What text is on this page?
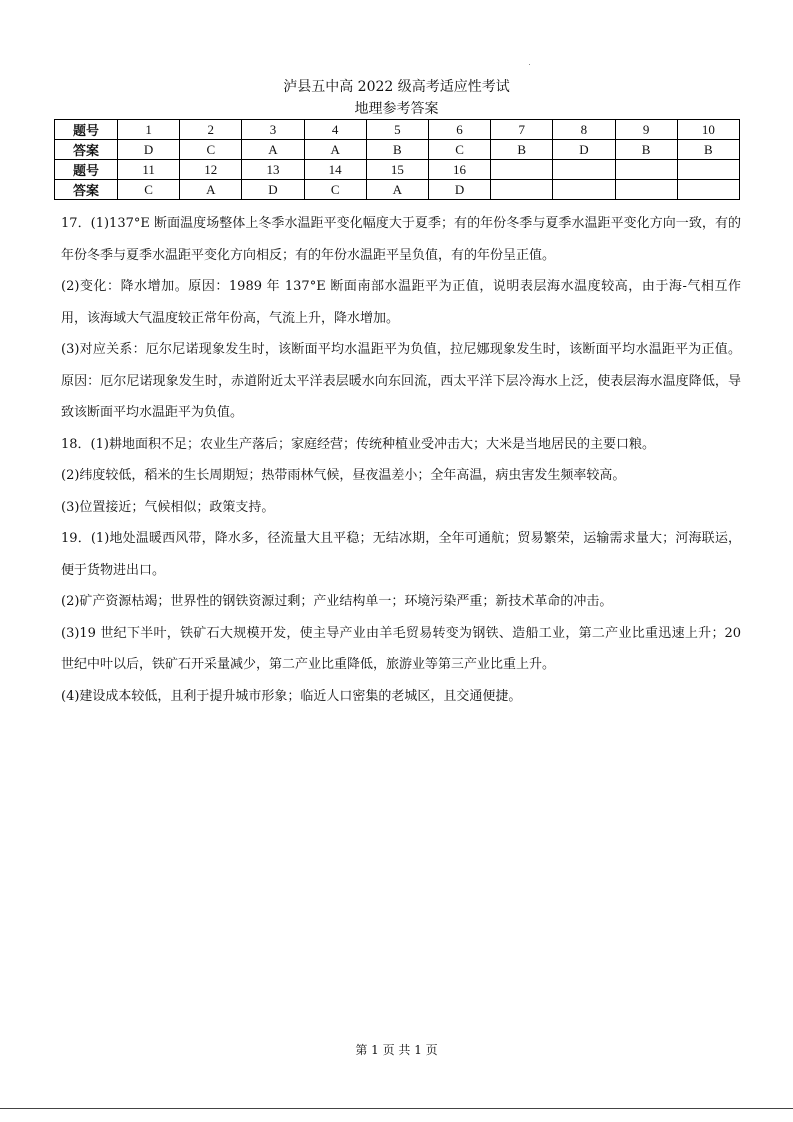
泸县五中高 2022 级高考适应性考试
地理参考答案
题号	1	2	3	4	5	6	7	8	9	10
答案	D	C	A	A	B	C	B	D	B	B
题号	11	12	13	14	15	16				
答案	C	A	D	C	A	D				

17．(1)137°E 断面温度场整体上冬季水温距平变化幅度大于夏季；有的年份冬季与夏季水温距平变化方向一致，有的年份冬季与夏季水温距平变化方向相反；有的年份水温距平呈负值，有的年份呈正值。

(2)变化：降水增加。原因：1989 年 137°E 断面南部水温距平为正值，说明表层海水温度较高，由于海-气相互作用，该海域大气温度较正常年份高，气流上升，降水增加。

(3)对应关系：厄尔尼诺现象发生时，该断面平均水温距平为负值，拉尼娜现象发生时，该断面平均水温距平为正值。原因：厄尔尼诺现象发生时，赤道附近太平洋表层暖水向东回流，西太平洋下层冷海水上泛，使表层海水温度降低，导致该断面平均水温距平为负值。

18．(1)耕地面积不足；农业生产落后；家庭经营；传统种植业受冲击大；大米是当地居民的主要口粮。

(2)纬度较低，稻米的生长周期短；热带雨林气候，昼夜温差小；全年高温，病虫害发生频率较高。

(3)位置接近；气候相似；政策支持。

19．(1)地处温暖西风带，降水多，径流量大且平稳；无结冰期，全年可通航；贸易繁荣，运输需求量大；河海联运，便于货物进出口。

(2)矿产资源枯竭；世界性的钢铁资源过剩；产业结构单一；环境污染严重；新技术革命的冲击。

(3)19 世纪下半叶，铁矿石大规模开发，使主导产业由羊毛贸易转变为钢铁、造船工业，第二产业比重迅速上升；20 世纪中叶以后，铁矿石开采量减少，第二产业比重降低，旅游业等第三产业比重上升。

(4)建设成本较低，且利于提升城市形象；临近人口密集的老城区，且交通便捷。

第 1 页 共 1 页
